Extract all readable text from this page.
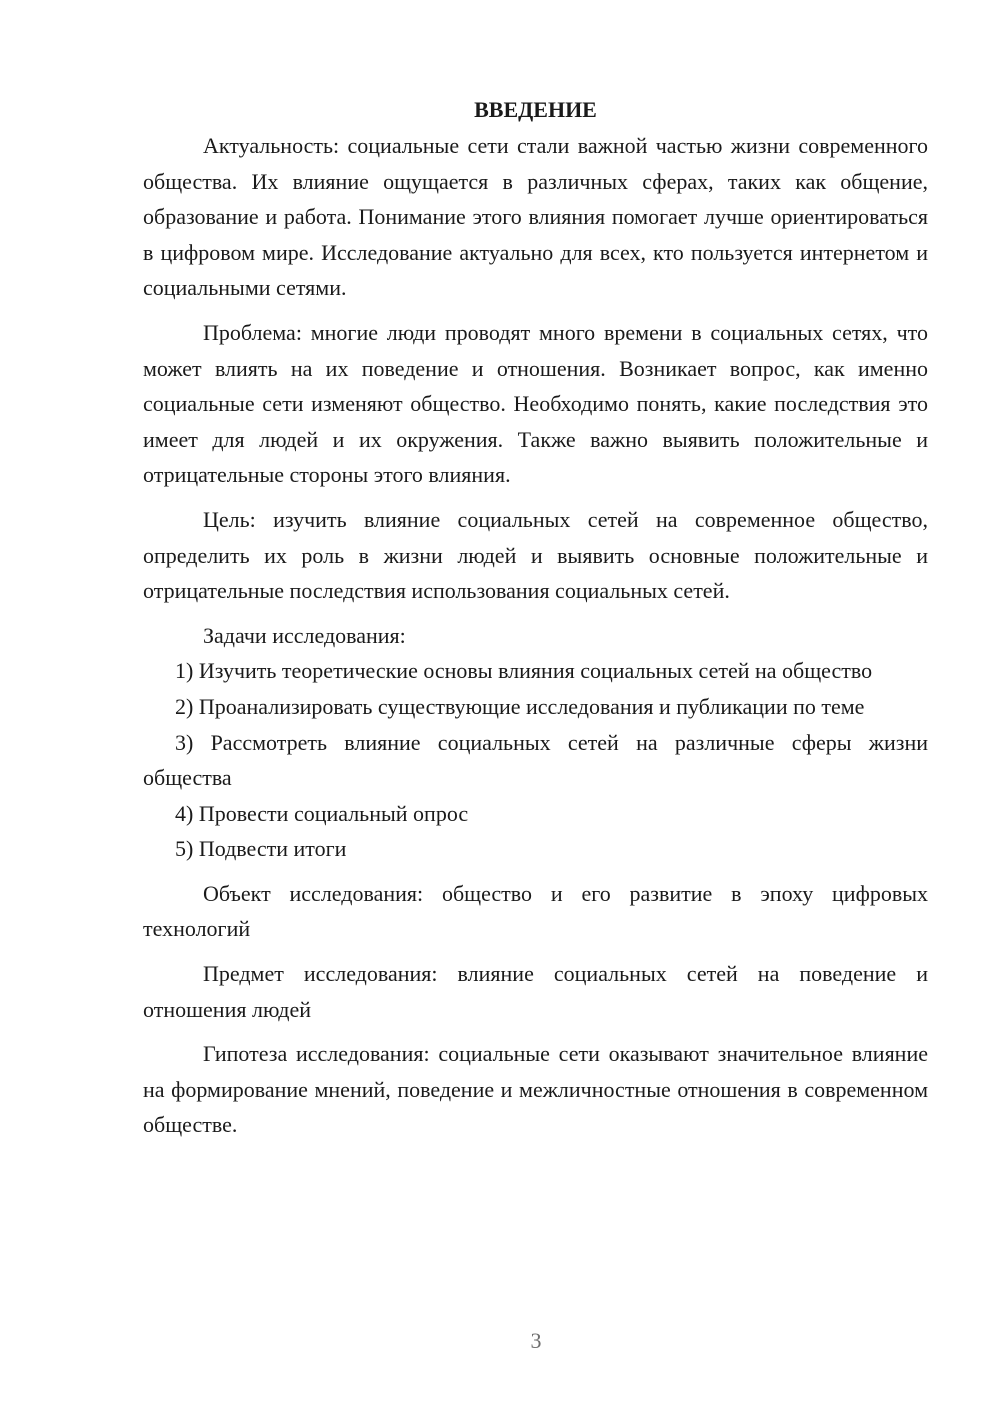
ВВЕДЕНИЕ

Актуальность: социальные сети стали важной частью жизни современного общества. Их влияние ощущается в различных сферах, таких как общение, образование и работа. Понимание этого влияния помогает лучше ориентироваться в цифровом мире. Исследование актуально для всех, кто пользуется интернетом и социальными сетями.

Проблема: многие люди проводят много времени в социальных сетях, что может влиять на их поведение и отношения. Возникает вопрос, как именно социальные сети изменяют общество. Необходимо понять, какие последствия это имеет для людей и их окружения. Также важно выявить положительные и отрицательные стороны этого влияния.

Цель: изучить влияние социальных сетей на современное общество, определить их роль в жизни людей и выявить основные положительные и отрицательные последствия использования социальных сетей.

Задачи исследования:

1) Изучить теоретические основы влияния социальных сетей на общество

2) Проанализировать существующие исследования и публикации по теме

3) Рассмотреть влияние социальных сетей на различные сферы жизни общества

4) Провести социальный опрос

5) Подвести итоги

Объект исследования: общество и его развитие в эпоху цифровых технологий

Предмет исследования: влияние социальных сетей на поведение и отношения людей

Гипотеза исследования: социальные сети оказывают значительное влияние на формирование мнений, поведение и межличностные отношения в современном обществе.

3
